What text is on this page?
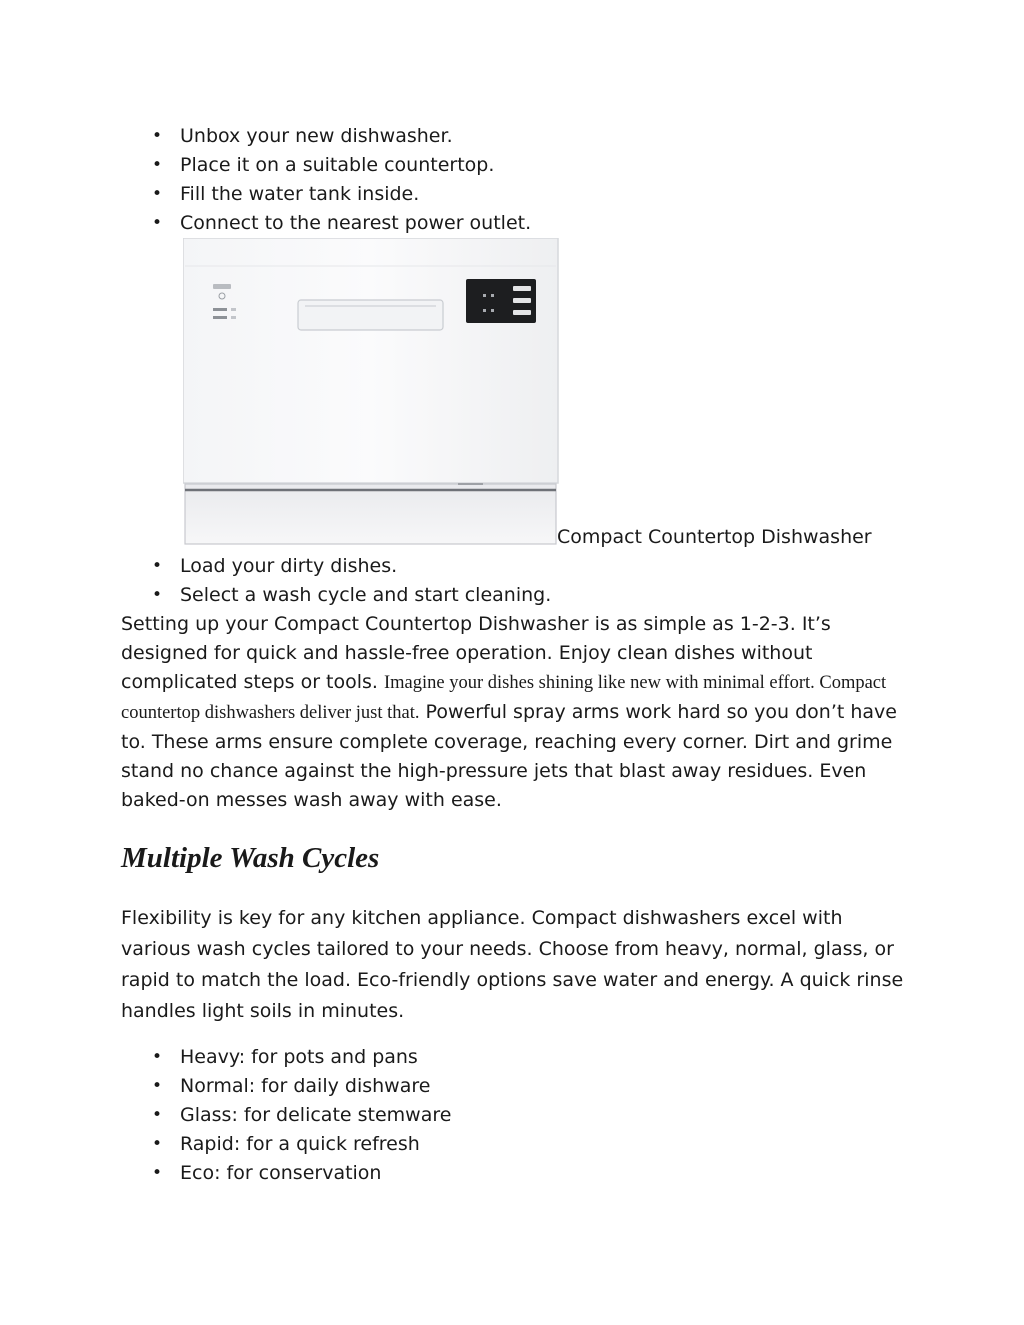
• Unbox your new dishwasher.
• Place it on a suitable countertop.
• Fill the water tank inside.
• Connect to the nearest power outlet.
Compact Countertop Dishwasher
• Load your dirty dishes.
• Select a wash cycle and start cleaning.

Setting up your Compact Countertop Dishwasher is as simple as 1-2-3. It’s designed for quick and hassle-free operation. Enjoy clean dishes without complicated steps or tools. Imagine your dishes shining like new with minimal effort. Compact countertop dishwashers deliver just that. Powerful spray arms work hard so you don’t have to. These arms ensure complete coverage, reaching every corner. Dirt and grime stand no chance against the high-pressure jets that blast away residues. Even baked-on messes wash away with ease.

Multiple Wash Cycles

Flexibility is key for any kitchen appliance. Compact dishwashers excel with various wash cycles tailored to your needs. Choose from heavy, normal, glass, or rapid to match the load. Eco-friendly options save water and energy. A quick rinse handles light soils in minutes.

• Heavy: for pots and pans
• Normal: for daily dishware
• Glass: for delicate stemware
• Rapid: for a quick refresh
• Eco: for conservation
